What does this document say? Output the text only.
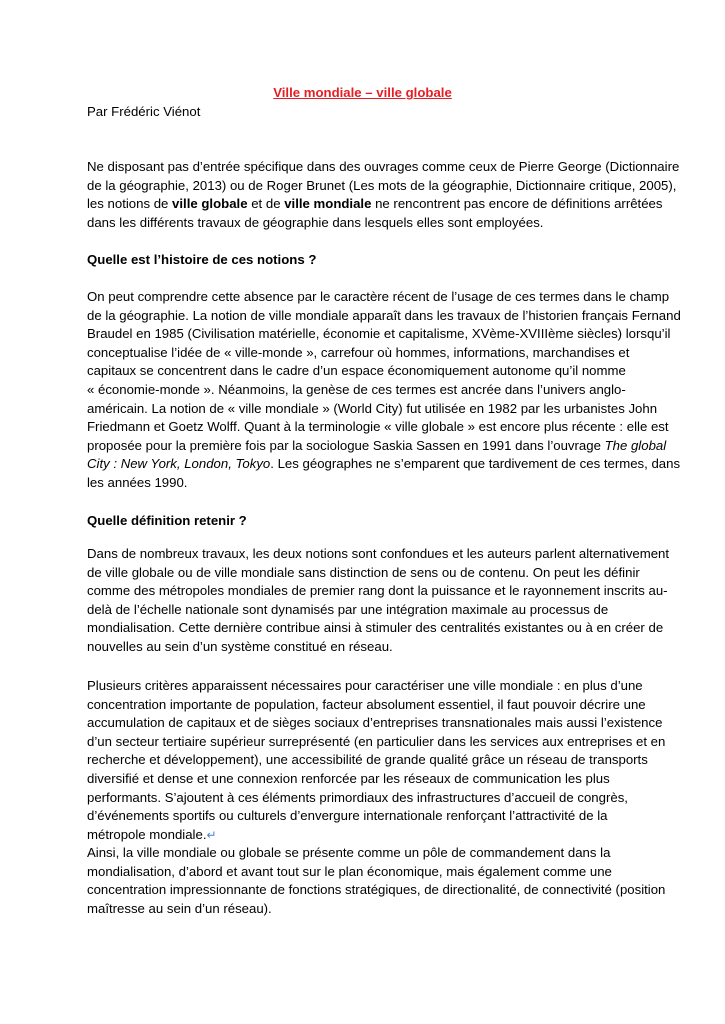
Ville mondiale – ville globale
Par Frédéric Viénot
Ne disposant pas d’entrée spécifique dans des ouvrages comme ceux de Pierre George (Dictionnaire
de la géographie, 2013) ou de Roger Brunet (Les mots de la géographie, Dictionnaire critique, 2005),
les notions de ville globale et de ville mondiale ne rencontrent pas encore de définitions arrêtées
dans les différents travaux de géographie dans lesquels elles sont employées.
Quelle est l’histoire de ces notions ?
On peut comprendre cette absence par le caractère récent de l’usage de ces termes dans le champ
de la géographie. La notion de ville mondiale apparaît dans les travaux de l’historien français Fernand
Braudel en 1985 (Civilisation matérielle, économie et capitalisme, XVème-XVIIIème siècles) lorsqu’il
conceptualise l’idée de « ville-monde », carrefour où hommes, informations, marchandises et
capitaux se concentrent dans le cadre d’un espace économiquement autonome qu’il nomme
« économie-monde ». Néanmoins, la genèse de ces termes est ancrée dans l’univers anglo-
américain. La notion de « ville mondiale » (World City) fut utilisée en 1982 par les urbanistes John
Friedmann et Goetz Wolff. Quant à la terminologie « ville globale » est encore plus récente : elle est
proposée pour la première fois par la sociologue Saskia Sassen en 1991 dans l’ouvrage The global
City : New York, London, Tokyo. Les géographes ne s’emparent que tardivement de ces termes, dans
les années 1990.
Quelle définition retenir ?
Dans de nombreux travaux, les deux notions sont confondues et les auteurs parlent alternativement
de ville globale ou de ville mondiale sans distinction de sens ou de contenu. On peut les définir
comme des métropoles mondiales de premier rang dont la puissance et le rayonnement inscrits au-
delà de l’échelle nationale sont dynamisés par une intégration maximale au processus de
mondialisation. Cette dernière contribue ainsi à stimuler des centralités existantes ou à en créer de
nouvelles au sein d’un système constitué en réseau.
Plusieurs critères apparaissent nécessaires pour caractériser une ville mondiale : en plus d’une
concentration importante de population, facteur absolument essentiel, il faut pouvoir décrire une
accumulation de capitaux et de sièges sociaux d’entreprises transnationales mais aussi l’existence
d’un secteur tertiaire supérieur surreprésenté (en particulier dans les services aux entreprises et en
recherche et développement), une accessibilité de grande qualité grâce un réseau de transports
diversifié et dense et une connexion renforcée par les réseaux de communication les plus
performants. S’ajoutent à ces éléments primordiaux des infrastructures d’accueil de congrès,
d’événements sportifs ou culturels d’envergure internationale renforçant l’attractivité de la
métropole mondiale.↵
Ainsi, la ville mondiale ou globale se présente comme un pôle de commandement dans la
mondialisation, d’abord et avant tout sur le plan économique, mais également comme une
concentration impressionnante de fonctions stratégiques, de directionalité, de connectivité (position
maîtresse au sein d’un réseau).
